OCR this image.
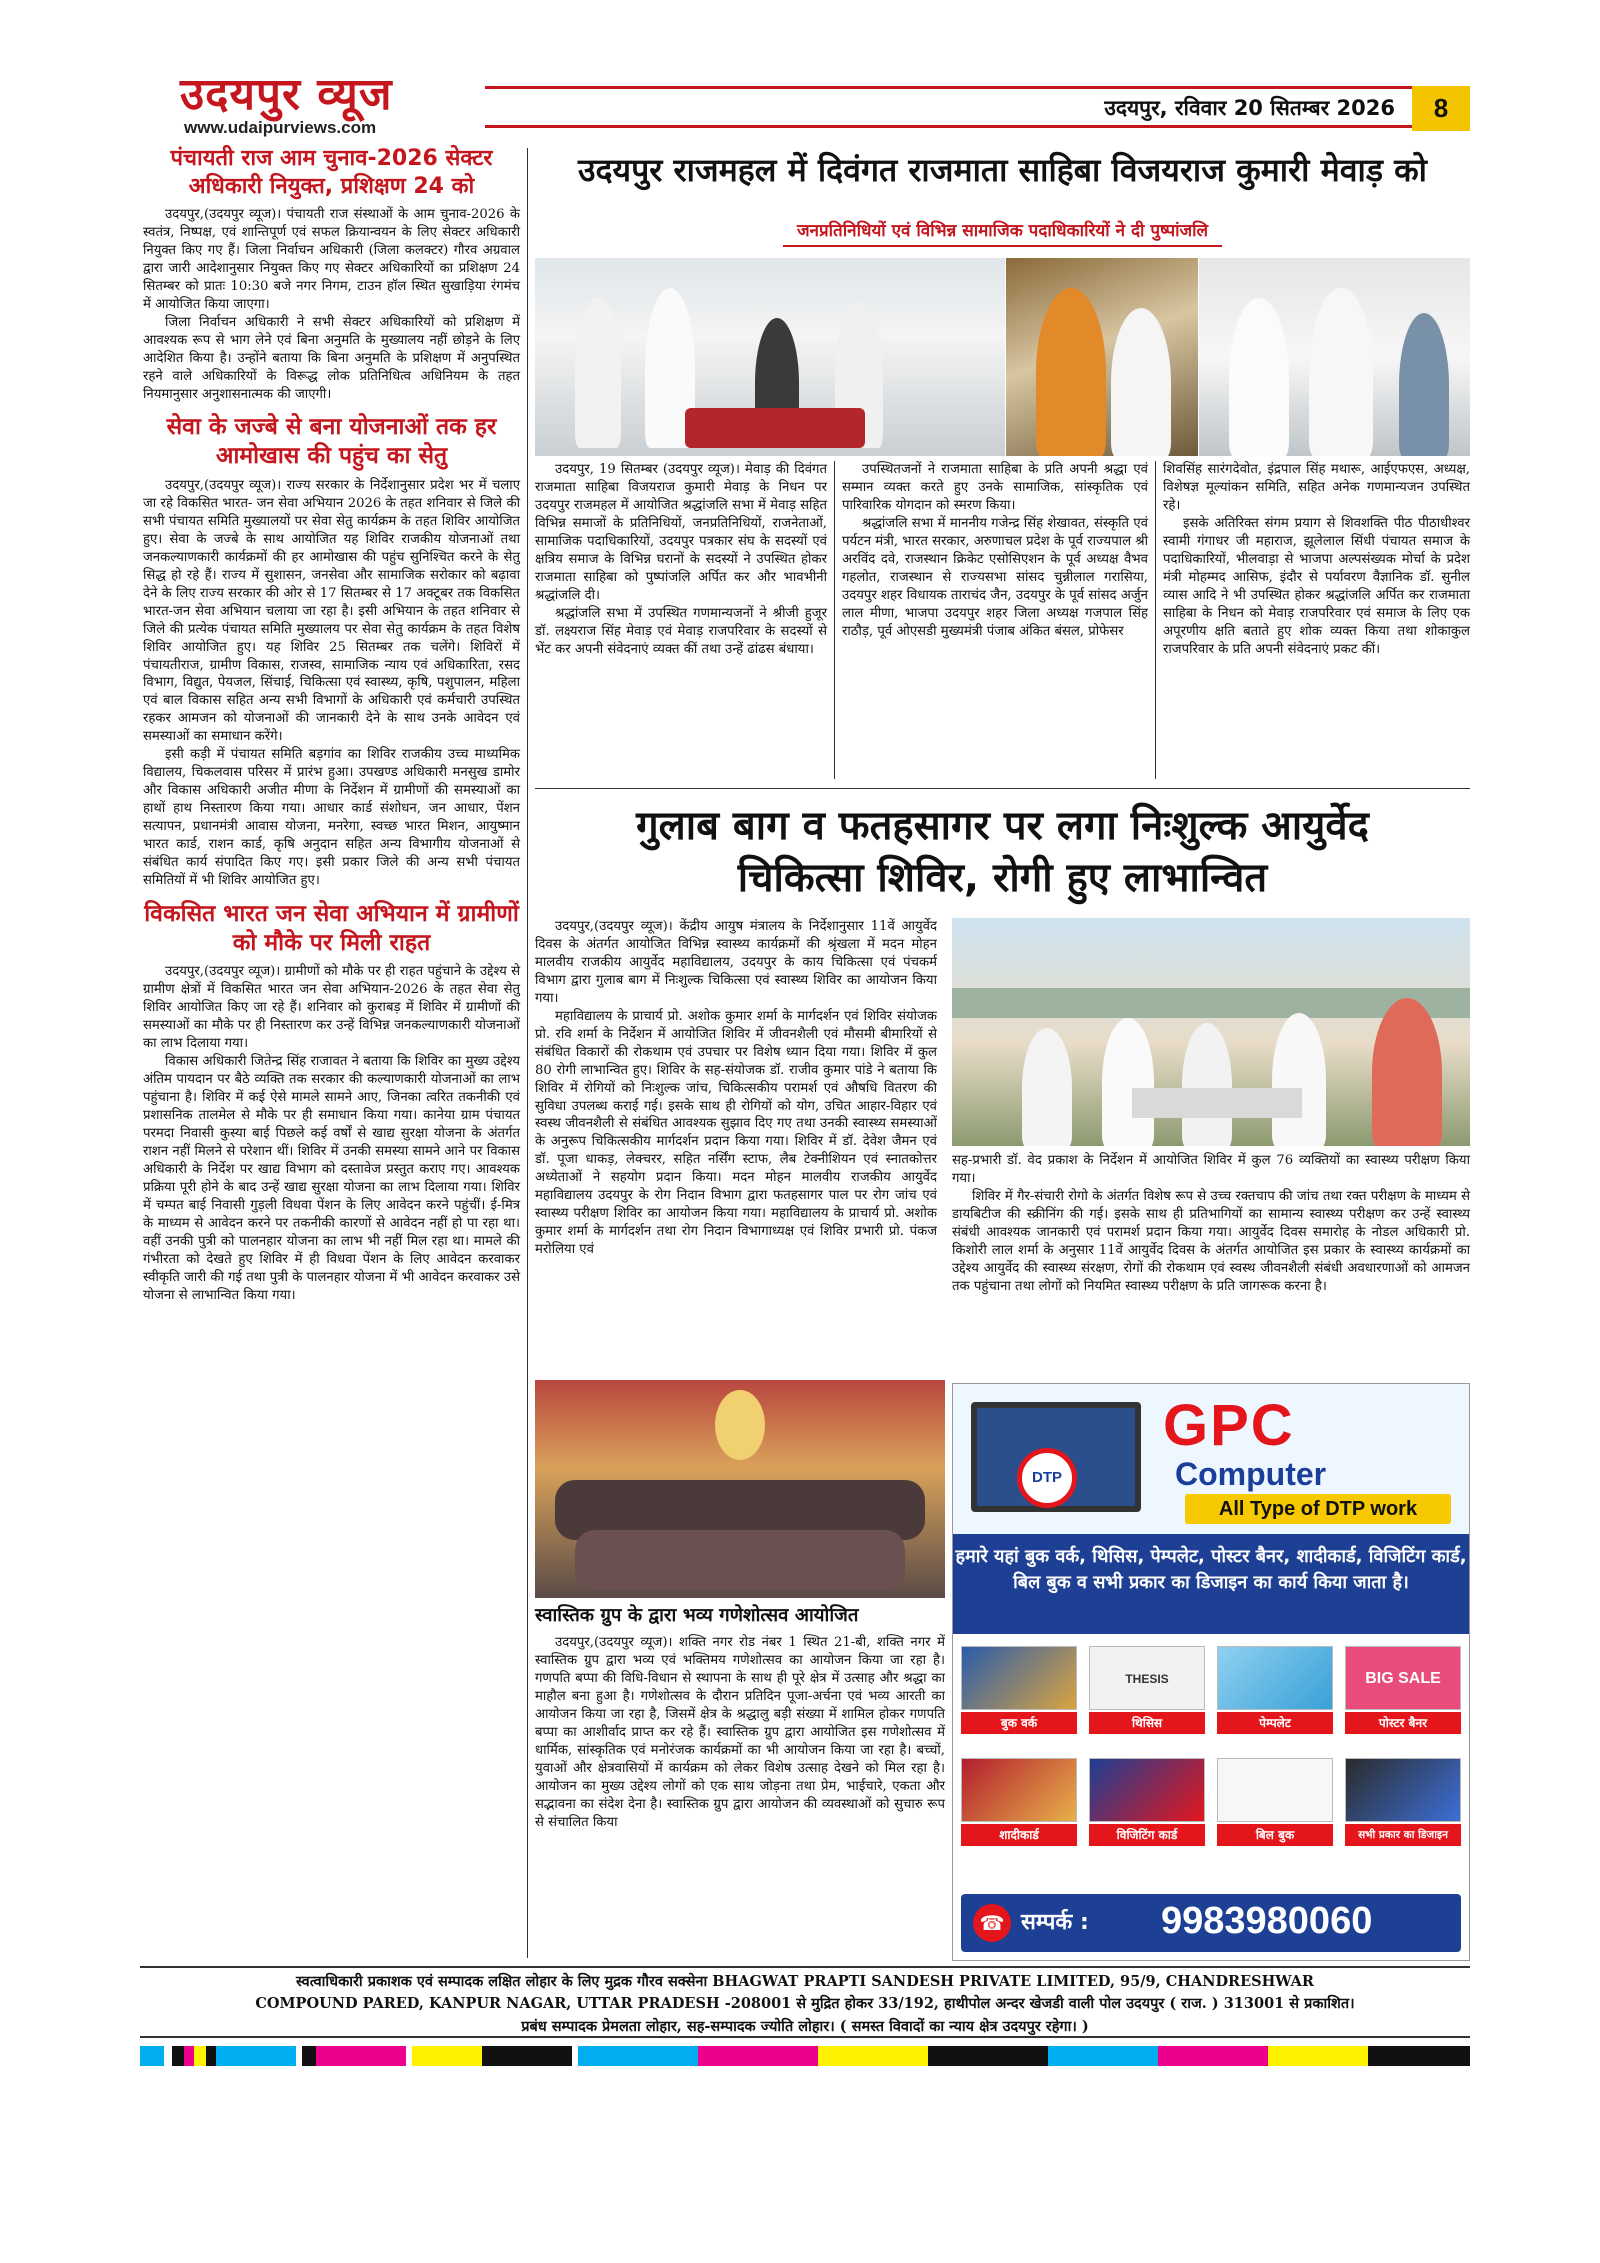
उदयपुर व्यूज
www.udaipurviews.com
उदयपुर, रविवार 20 सितम्बर 2026	8
पंचायती राज आम चुनाव-2026 सेक्टर अधिकारी नियुक्त, प्रशिक्षण 24 को

उदयपुर,(उदयपुर व्यूज)। पंचायती राज संस्थाओं के आम चुनाव-2026 के स्वतंत्र, निष्पक्ष, एवं शान्तिपूर्ण एवं सफल क्रियान्वयन के लिए सेक्टर अधिकारी नियुक्त किए गए हैं। जिला निर्वाचन अधिकारी (जिला कलक्टर) गौरव अग्रवाल द्वारा जारी आदेशानुसार नियुक्त किए गए सेक्टर अधिकारियों का प्रशिक्षण 24 सितम्बर को प्रातः 10:30 बजे नगर निगम, टाउन हॉल स्थित सुखाड़िया रंगमंच में आयोजित किया जाएगा।

जिला निर्वाचन अधिकारी ने सभी सेक्टर अधिकारियों को प्रशिक्षण में आवश्यक रूप से भाग लेने एवं बिना अनुमति के मुख्यालय नहीं छोड़ने के लिए आदेशित किया है। उन्होंने बताया कि बिना अनुमति के प्रशिक्षण में अनुपस्थित रहने वाले अधिकारियों के विरूद्ध लोक प्रतिनिधित्व अधिनियम के तहत नियमानुसार अनुशासनात्मक की जाएगी।

सेवा के जज्बे से बना योजनाओं तक हर आमोखास की पहुंच का सेतु

उदयपुर,(उदयपुर व्यूज)। राज्य सरकार के निर्देशानुसार प्रदेश भर में चलाए जा रहे विकसित भारत- जन सेवा अभियान 2026 के तहत शनिवार से जिले की सभी पंचायत समिति मुख्यालयों पर सेवा सेतु कार्यक्रम के तहत शिविर आयोजित हुए। सेवा के जज्बे के साथ आयोजित यह शिविर राजकीय योजनाओं तथा जनकल्याणकारी कार्यक्रमों की हर आमोखास की पहुंच सुनिश्चित करने के सेतु सिद्ध हो रहे हैं। राज्य में सुशासन, जनसेवा और सामाजिक सरोकार को बढ़ावा देने के लिए राज्य सरकार की ओर से 17 सितम्बर से 17 अक्टूबर तक विकसित भारत-जन सेवा अभियान चलाया जा रहा है। इसी अभियान के तहत शनिवार से जिले की प्रत्येक पंचायत समिति मुख्यालय पर सेवा सेतु कार्यक्रम के तहत विशेष शिविर आयोजित हुए। यह शिविर 25 सितम्बर तक चलेंगे। शिविरों में पंचायतीराज, ग्रामीण विकास, राजस्व, सामाजिक न्याय एवं अधिकारिता, रसद विभाग, विद्युत, पेयजल, सिंचाई, चिकित्सा एवं स्वास्थ्य, कृषि, पशुपालन, महिला एवं बाल विकास सहित अन्य सभी विभागों के अधिकारी एवं कर्मचारी उपस्थित रहकर आमजन को योजनाओं की जानकारी देने के साथ उनके आवेदन एवं समस्याओं का समाधान करेंगे।

इसी कड़ी में पंचायत समिति बड़गांव का शिविर राजकीय उच्च माध्यमिक विद्यालय, चिकलवास परिसर में प्रारंभ हुआ। उपखण्ड अधिकारी मनसुख डामोर और विकास अधिकारी अजीत मीणा के निर्देशन में ग्रामीणों की समस्याओं का हाथों हाथ निस्तारण किया गया। आधार कार्ड संशोधन, जन आधार, पेंशन सत्यापन, प्रधानमंत्री आवास योजना, मनरेगा, स्वच्छ भारत मिशन, आयुष्मान भारत कार्ड, राशन कार्ड, कृषि अनुदान सहित अन्य विभागीय योजनाओं से संबंधित कार्य संपादित किए गए। इसी प्रकार जिले की अन्य सभी पंचायत समितियों में भी शिविर आयोजित हुए।

विकसित भारत जन सेवा अभियान में ग्रामीणों को मौके पर मिली राहत

उदयपुर,(उदयपुर व्यूज)। ग्रामीणों को मौके पर ही राहत पहुंचाने के उद्देश्य से ग्रामीण क्षेत्रों में विकसित भारत जन सेवा अभियान-2026 के तहत सेवा सेतु शिविर आयोजित किए जा रहे हैं। शनिवार को कुराबड़ में शिविर में ग्रामीणों की समस्याओं का मौके पर ही निस्तारण कर उन्हें विभिन्न जनकल्याणकारी योजनाओं का लाभ दिलाया गया।

विकास अधिकारी जितेन्द्र सिंह राजावत ने बताया कि शिविर का मुख्य उद्देश्य अंतिम पायदान पर बैठे व्यक्ति तक सरकार की कल्याणकारी योजनाओं का लाभ पहुंचाना है। शिविर में कई ऐसे मामले सामने आए, जिनका त्वरित तकनीकी एवं प्रशासनिक तालमेल से मौके पर ही समाधान किया गया। कानेया ग्राम पंचायत परमदा निवासी कुस्या बाई पिछले कई वर्षों से खाद्य सुरक्षा योजना के अंतर्गत राशन नहीं मिलने से परेशान थीं। शिविर में उनकी समस्या सामने आने पर विकास अधिकारी के निर्देश पर खाद्य विभाग को दस्तावेज प्रस्तुत कराए गए। आवश्यक प्रक्रिया पूरी होने के बाद उन्हें खाद्य सुरक्षा योजना का लाभ दिलाया गया। शिविर में चम्पत बाई निवासी गुड़ली विधवा पेंशन के लिए आवेदन करने पहुंचीं। ई-मित्र के माध्यम से आवेदन करने पर तकनीकी कारणों से आवेदन नहीं हो पा रहा था। वहीं उनकी पुत्री को पालनहार योजना का लाभ भी नहीं मिल रहा था। मामले की गंभीरता को देखते हुए शिविर में ही विधवा पेंशन के लिए आवेदन करवाकर स्वीकृति जारी की गई तथा पुत्री के पालनहार योजना में भी आवेदन करवाकर उसे योजना से लाभान्वित किया गया।

उदयपुर राजमहल में दिवंगत राजमाता साहिबा विजयराज कुमारी मेवाड़ को
जनप्रतिनिधियों एवं विभिन्न सामाजिक पदाधिकारियों ने दी पुष्पांजलि

उदयपुर, 19 सितम्बर (उदयपुर व्यूज)। मेवाड़ की दिवंगत राजमाता साहिबा विजयराज कुमारी मेवाड़ के निधन पर उदयपुर राजमहल में आयोजित श्रद्धांजलि सभा में मेवाड़ सहित विभिन्न समाजों के प्रतिनिधियों, जनप्रतिनिधियों, राजनेताओं, सामाजिक पदाधिकारियों, उदयपुर पत्रकार संघ के सदस्यों एवं क्षत्रिय समाज के विभिन्न घरानों के सदस्यों ने उपस्थित होकर राजमाता साहिबा को पुष्पांजलि अर्पित कर और भावभीनी श्रद्धांजलि दी।

श्रद्धांजलि सभा में उपस्थित गणमान्यजनों ने श्रीजी हुजूर डॉ. लक्ष्यराज सिंह मेवाड़ एवं मेवाड़ राजपरिवार के सदस्यों से भेंट कर अपनी संवेदनाएं व्यक्त कीं तथा उन्हें ढांढस बंधाया।

उपस्थितजनों ने राजमाता साहिबा के प्रति अपनी श्रद्धा एवं सम्मान व्यक्त करते हुए उनके सामाजिक, सांस्कृतिक एवं पारिवारिक योगदान को स्मरण किया।

श्रद्धांजलि सभा में माननीय गजेन्द्र सिंह शेखावत, संस्कृति एवं पर्यटन मंत्री, भारत सरकार, अरुणाचल प्रदेश के पूर्व राज्यपाल श्री अरविंद दवे, राजस्थान क्रिकेट एसोसिएशन के पूर्व अध्यक्ष वैभव गहलोत, राजस्थान से राज्यसभा सांसद चुन्नीलाल गरासिया, उदयपुर शहर विधायक ताराचंद जैन, उदयपुर के पूर्व सांसद अर्जुन लाल मीणा, भाजपा उदयपुर शहर जिला अध्यक्ष गजपाल सिंह राठौड़, पूर्व ओएसडी मुख्यमंत्री पंजाब अंकित बंसल, प्रोफेसर

शिवसिंह सारंगदेवोत, इंद्रपाल सिंह मथारू, आईएफएस, अध्यक्ष, विशेषज्ञ मूल्यांकन समिति, सहित अनेक गणमान्यजन उपस्थित रहे।

इसके अतिरिक्त संगम प्रयाग से शिवशक्ति पीठ पीठाधीश्वर स्वामी गंगाधर जी महाराज, झूलेलाल सिंधी पंचायत समाज के पदाधिकारियों, भीलवाड़ा से भाजपा अल्पसंख्यक मोर्चा के प्रदेश मंत्री मोहम्मद आसिफ, इंदौर से पर्यावरण वैज्ञानिक डॉ. सुनील व्यास आदि ने भी उपस्थित होकर श्रद्धांजलि अर्पित कर राजमाता साहिबा के निधन को मेवाड़ राजपरिवार एवं समाज के लिए एक अपूरणीय क्षति बताते हुए शोक व्यक्त किया तथा शोकाकुल राजपरिवार के प्रति अपनी संवेदनाएं प्रकट कीं।

गुलाब बाग व फतहसागर पर लगा निःशुल्क आयुर्वेद
चिकित्सा शिविर, रोगी हुए लाभान्वित

उदयपुर,(उदयपुर व्यूज)। केंद्रीय आयुष मंत्रालय के निर्देशानुसार 11वें आयुर्वेद दिवस के अंतर्गत आयोजित विभिन्न स्वास्थ्य कार्यक्रमों की श्रृंखला में मदन मोहन मालवीय राजकीय आयुर्वेद महाविद्यालय, उदयपुर के काय चिकित्सा एवं पंचकर्म विभाग द्वारा गुलाब बाग में निःशुल्क चिकित्सा एवं स्वास्थ्य शिविर का आयोजन किया गया।

महाविद्यालय के प्राचार्य प्रो. अशोक कुमार शर्मा के मार्गदर्शन एवं शिविर संयोजक प्रो. रवि शर्मा के निर्देशन में आयोजित शिविर में जीवनशैली एवं मौसमी बीमारियों से संबंधित विकारों की रोकथाम एवं उपचार पर विशेष ध्यान दिया गया। शिविर में कुल 80 रोगी लाभान्वित हुए। शिविर के सह-संयोजक डॉ. राजीव कुमार पांडे ने बताया कि शिविर में रोगियों को निःशुल्क जांच, चिकित्सकीय परामर्श एवं औषधि वितरण की सुविधा उपलब्ध कराई गई। इसके साथ ही रोगियों को योग, उचित आहार-विहार एवं स्वस्थ जीवनशैली से संबंधित आवश्यक सुझाव दिए गए तथा उनकी स्वास्थ्य समस्याओं के अनुरूप चिकित्सकीय मार्गदर्शन प्रदान किया गया। शिविर में डॉ. देवेश जैमन एवं डॉ. पूजा धाकड़, लेक्चरर, सहित नर्सिंग स्टाफ, लैब टेक्नीशियन एवं स्नातकोत्तर अध्येताओं ने सहयोग प्रदान किया। मदन मोहन मालवीय राजकीय आयुर्वेद महाविद्यालय उदयपुर के रोग निदान विभाग द्वारा फतहसागर पाल पर रोग जांच एवं स्वास्थ्य परीक्षण शिविर का आयोजन किया गया। महाविद्यालय के प्राचार्य प्रो. अशोक कुमार शर्मा के मार्गदर्शन तथा रोग निदान विभागाध्यक्ष एवं शिविर प्रभारी प्रो. पंकज मरोलिया एवं

सह-प्रभारी डॉ. वेद प्रकाश के निर्देशन में आयोजित शिविर में कुल 76 व्यक्तियों का स्वास्थ्य परीक्षण किया गया।

शिविर में गैर-संचारी रोगो के अंतर्गत विशेष रूप से उच्च रक्तचाप की जांच तथा रक्त परीक्षण के माध्यम से डायबिटीज की स्क्रीनिंग की गई। इसके साथ ही प्रतिभागियों का सामान्य स्वास्थ्य परीक्षण कर उन्हें स्वास्थ्य संबंधी आवश्यक जानकारी एवं परामर्श प्रदान किया गया। आयुर्वेद दिवस समारोह के नोडल अधिकारी प्रो. किशोरी लाल शर्मा के अनुसार 11वें आयुर्वेद दिवस के अंतर्गत आयोजित इस प्रकार के स्वास्थ्य कार्यक्रमों का उद्देश्य आयुर्वेद की स्वास्थ्य संरक्षण, रोगों की रोकथाम एवं स्वस्थ जीवनशैली संबंधी अवधारणाओं को आमजन तक पहुंचाना तथा लोगों को नियमित स्वास्थ्य परीक्षण के प्रति जागरूक करना है।

स्वास्तिक ग्रुप के द्वारा भव्य गणेशोत्सव आयोजित

उदयपुर,(उदयपुर व्यूज)। शक्ति नगर रोड नंबर 1 स्थित 21-बी, शक्ति नगर में स्वास्तिक ग्रुप द्वारा भव्य एवं भक्तिमय गणेशोत्सव का आयोजन किया जा रहा है। गणपति बप्पा की विधि-विधान से स्थापना के साथ ही पूरे क्षेत्र में उत्साह और श्रद्धा का माहौल बना हुआ है। गणेशोत्सव के दौरान प्रतिदिन पूजा-अर्चना एवं भव्य आरती का आयोजन किया जा रहा है, जिसमें क्षेत्र के श्रद्धालु बड़ी संख्या में शामिल होकर गणपति बप्पा का आशीर्वाद प्राप्त कर रहे हैं। स्वास्तिक ग्रुप द्वारा आयोजित इस गणेशोत्सव में धार्मिक, सांस्कृतिक एवं मनोरंजक कार्यक्रमों का भी आयोजन किया जा रहा है। बच्चों, युवाओं और क्षेत्रवासियों में कार्यक्रम को लेकर विशेष उत्साह देखने को मिल रहा है। आयोजन का मुख्य उद्देश्य लोगों को एक साथ जोड़ना तथा प्रेम, भाईचारे, एकता और सद्भावना का संदेश देना है। स्वास्तिक ग्रुप द्वारा आयोजन की व्यवस्थाओं को सुचारु रूप से संचालित किया

DTP
GPC
Computer
All Type of DTP work
हमारे यहां बुक वर्क, थिसिस, पेम्पलेट, पोस्टर बैनर, शादीकार्ड, विजिटिंग कार्ड, बिल बुक व सभी प्रकार का डिजाइन का कार्य किया जाता है।
बुक वर्क
THESIS
थिसिस	पेम्पलेट
BIG SALE
पोस्टर बैनर
शादीकार्ड	विजिटिंग कार्ड	बिल बुक	सभी प्रकार का डिजाइन
☎ सम्पर्क : 9983980060
स्वत्वाधिकारी प्रकाशक एवं सम्पादक लक्षित लोहार के लिए मुद्रक गौरव सक्सेना BHAGWAT PRAPTI SANDESH PRIVATE LIMITED, 95/9, CHANDRESHWAR
COMPOUND PARED, KANPUR NAGAR, UTTAR PRADESH -208001 से मुद्रित होकर 33/192, हाथीपोल अन्दर खेजडी वाली पोल उदयपुर ( राज. ) 313001 से प्रकाशित।
प्रबंध सम्पादक प्रेमलता लोहार, सह-सम्पादक ज्योति लोहार। ( समस्त विवादों का न्याय क्षेत्र उदयपुर रहेगा। )
